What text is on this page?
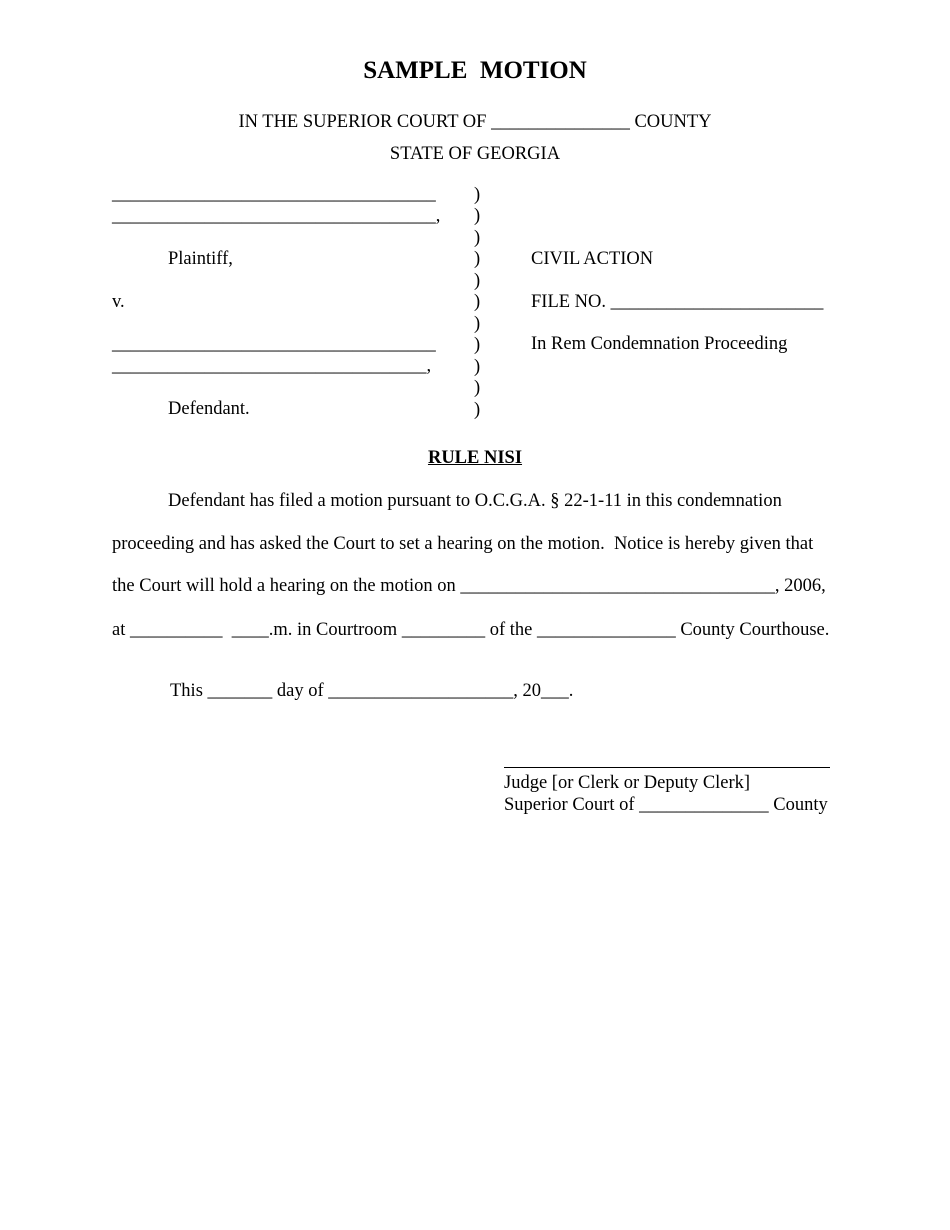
SAMPLE  MOTION
IN THE SUPERIOR COURT OF _______________ COUNTY
STATE OF GEORGIA
___________________________________
___________________________________,
Plaintiff,
v.
___________________________________
__________________________________,
Defendant.
)
)
)
)
)
)
)
)
)
)
)
CIVIL ACTION
FILE NO. _______________________
In Rem Condemnation Proceeding
RULE NISI
Defendant has filed a motion pursuant to O.C.G.A. § 22-1-11 in this condemnation
proceeding and has asked the Court to set a hearing on the motion.  Notice is hereby given that
the Court will hold a hearing on the motion on __________________________________, 2006,
at __________  ____.m. in Courtroom _________ of the _______________ County Courthouse.
This _______ day of ____________________, 20___.
Judge [or Clerk or Deputy Clerk]
Superior Court of ______________ County
